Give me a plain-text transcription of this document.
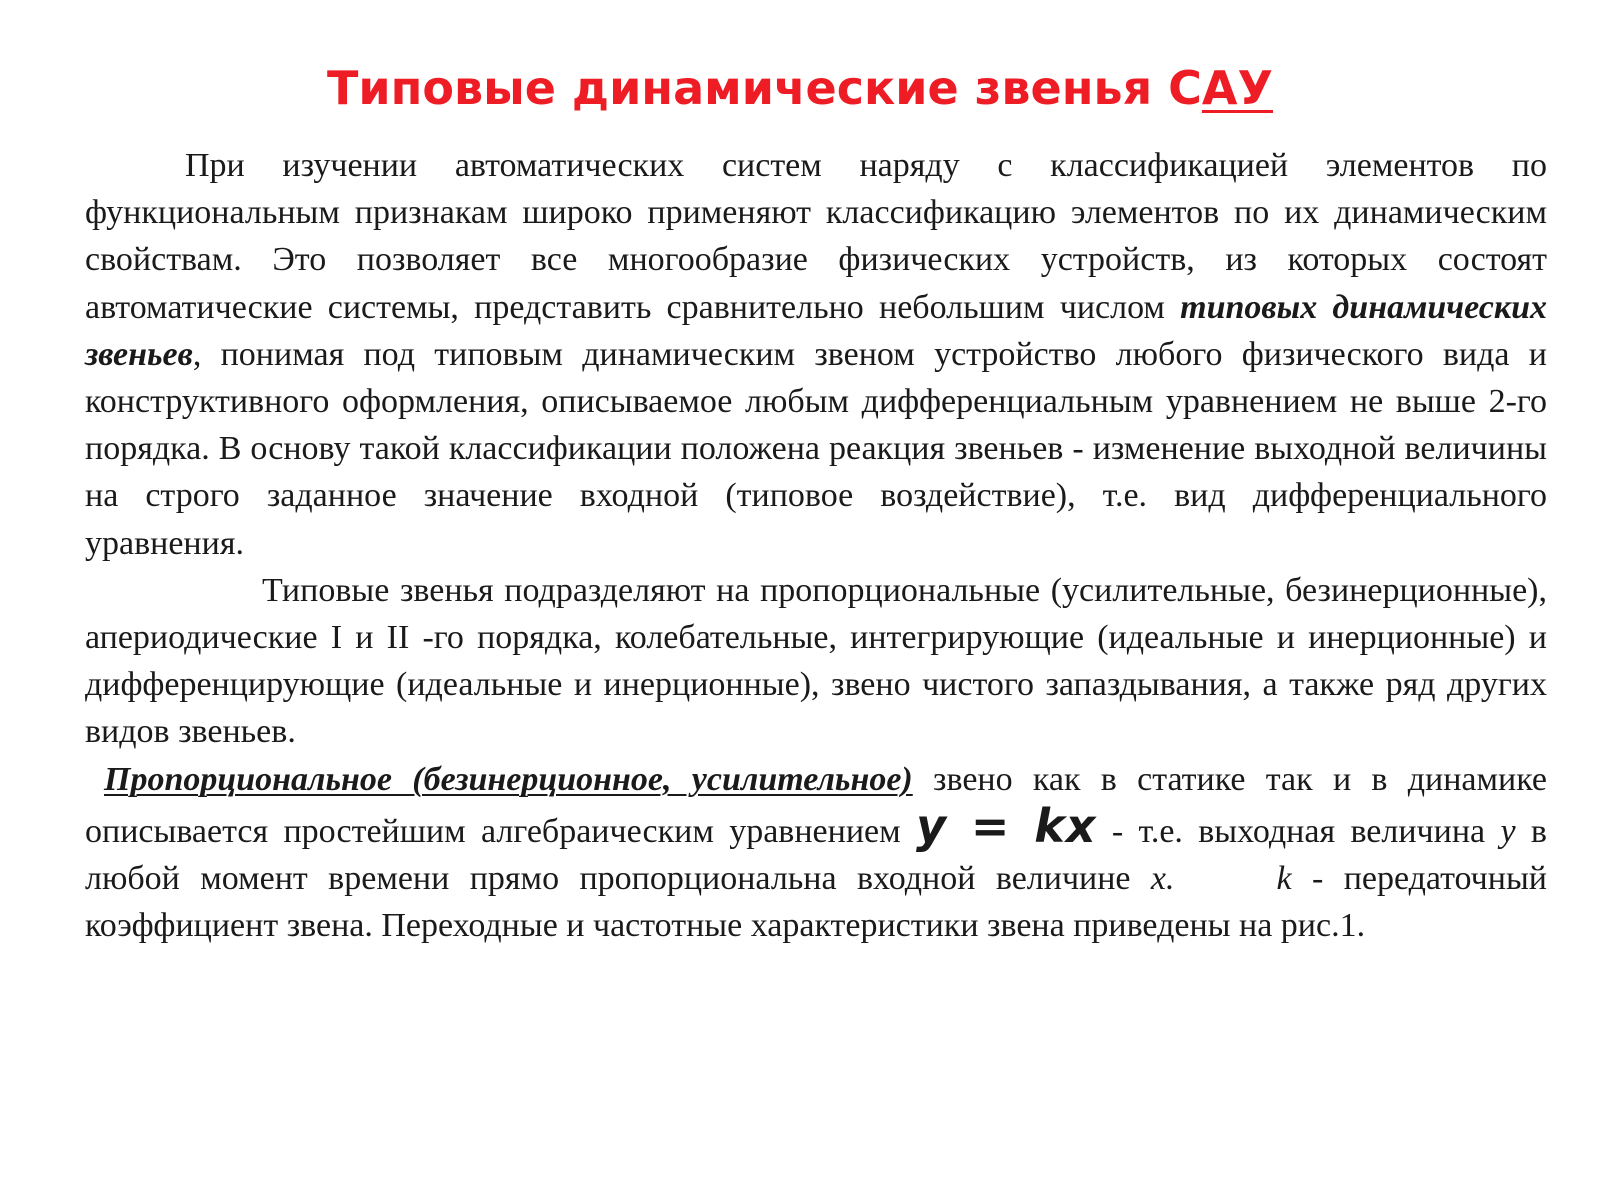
Типовые динамические звенья САУ

При изучении автоматических систем наряду с классификацией элементов по функциональным признакам широко применяют классификацию элементов по их динамическим свойствам. Это позволяет все многообразие физических устройств, из которых состоят автоматические системы, представить сравнительно небольшим числом типовых динамических звеньев, понимая под типовым динамическим звеном устройство любого физического вида и конструктивного оформления, описываемое любым дифференциальным уравнением не выше 2-го порядка. В основу такой классификации положена реакция звеньев - изменение выходной величины на строго заданное значение входной (типовое воздействие), т.е. вид дифференциального уравнения.

Типовые звенья подразделяют на пропорциональные (усилительные, безинерционные), апериодические I и II -го порядка, колебательные, интегрирующие (идеальные и инерционные) и дифференцирующие (идеальные и инерционные), звено чистого запаздывания, а также ряд других видов звеньев.

Пропорциональное (безинерционное, усилительное) звено как в статике так и в динамике описывается простейшим алгебраическим уравнением y = kx - т.е. выходная величина y в любой момент времени прямо пропорциональна входной величине x.	k - передаточный коэффициент звена. Переходные и частотные характеристики звена приведены на рис.1.
